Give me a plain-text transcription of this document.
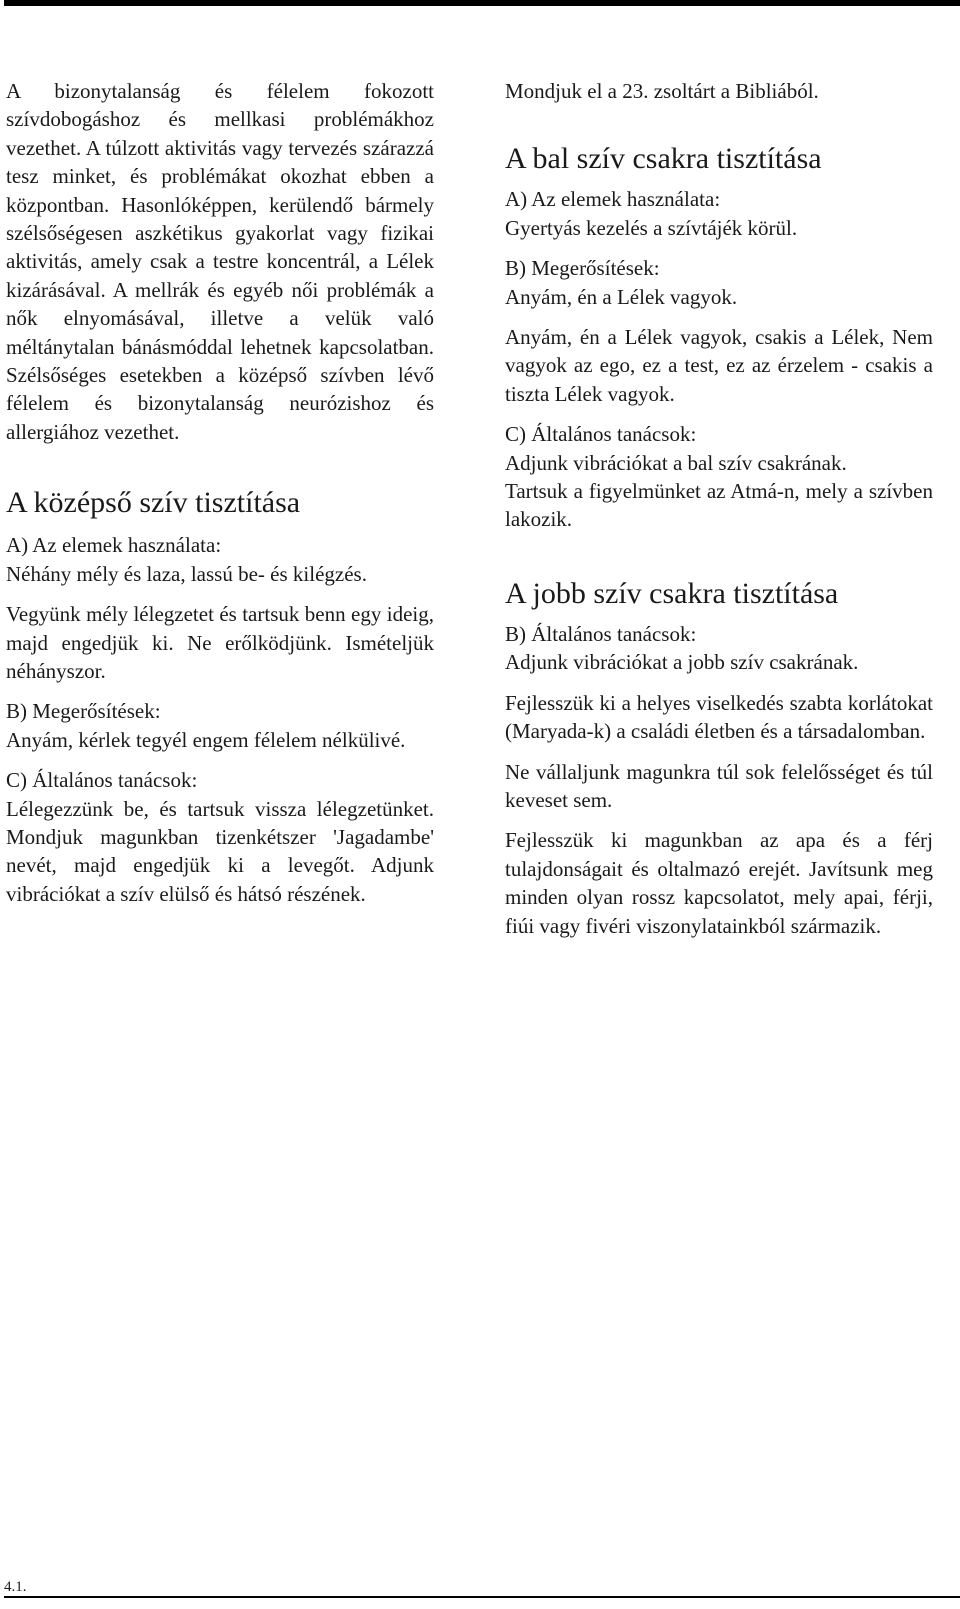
A bizonytalanság és félelem fokozott szívdobogáshoz és mellkasi problémákhoz vezethet. A túlzott aktivitás vagy tervezés szárazzá tesz minket, és problémákat okozhat ebben a központban. Hasonlóképpen, kerülendő bármely szélsőségesen aszkétikus gyakorlat vagy fizikai aktivitás, amely csak a testre koncentrál, a Lélek kizárásával. A mellrák és egyéb női problémák a nők elnyomásával, illetve a velük való méltánytalan bánásmóddal lehetnek kapcsolatban. Szélsőséges esetekben a középső szívben lévő félelem és bizonytalanság neurózishoz és allergiához vezethet.

A középső szív tisztítása

A) Az elemek használata:

Néhány mély és laza, lassú be- és kilégzés.

Vegyünk mély lélegzetet és tartsuk benn egy ideig, majd engedjük ki. Ne erőlködjünk. Ismételjük néhányszor.

B) Megerősítések:

Anyám, kérlek tegyél engem félelem nélkülivé.

C) Általános tanácsok:

Lélegezzünk be, és tartsuk vissza lélegzetünket. Mondjuk magunkban tizenkétszer 'Jagadambe' nevét, majd engedjük ki a levegőt. Adjunk vibrációkat a szív elülső és hátsó részének.

Mondjuk el a 23. zsoltárt a Bibliából.

A bal szív csakra tisztítása

A) Az elemek használata:

Gyertyás kezelés a szívtájék körül.

B) Megerősítések:

Anyám, én a Lélek vagyok.

Anyám, én a Lélek vagyok, csakis a Lélek, Nem vagyok az ego, ez a test, ez az érzelem - csakis a tiszta Lélek vagyok.

C) Általános tanácsok:

Adjunk vibrációkat a bal szív csakrának.

Tartsuk a figyelmünket az Atmá-n, mely a szívben lakozik.

A jobb szív csakra tisztítása

B) Általános tanácsok:

Adjunk vibrációkat a jobb szív csakrának.

Fejlesszük ki a helyes viselkedés szabta korlátokat (Maryada-k) a családi életben és a társadalomban.

Ne vállaljunk magunkra túl sok felelősséget és túl keveset sem.

Fejlesszük ki magunkban az apa és a férj tulajdonságait és oltalmazó erejét. Javítsunk meg minden olyan rossz kapcsolatot, mely apai, férji, fiúi vagy fivéri viszonylatainkból származik.

4.1.
